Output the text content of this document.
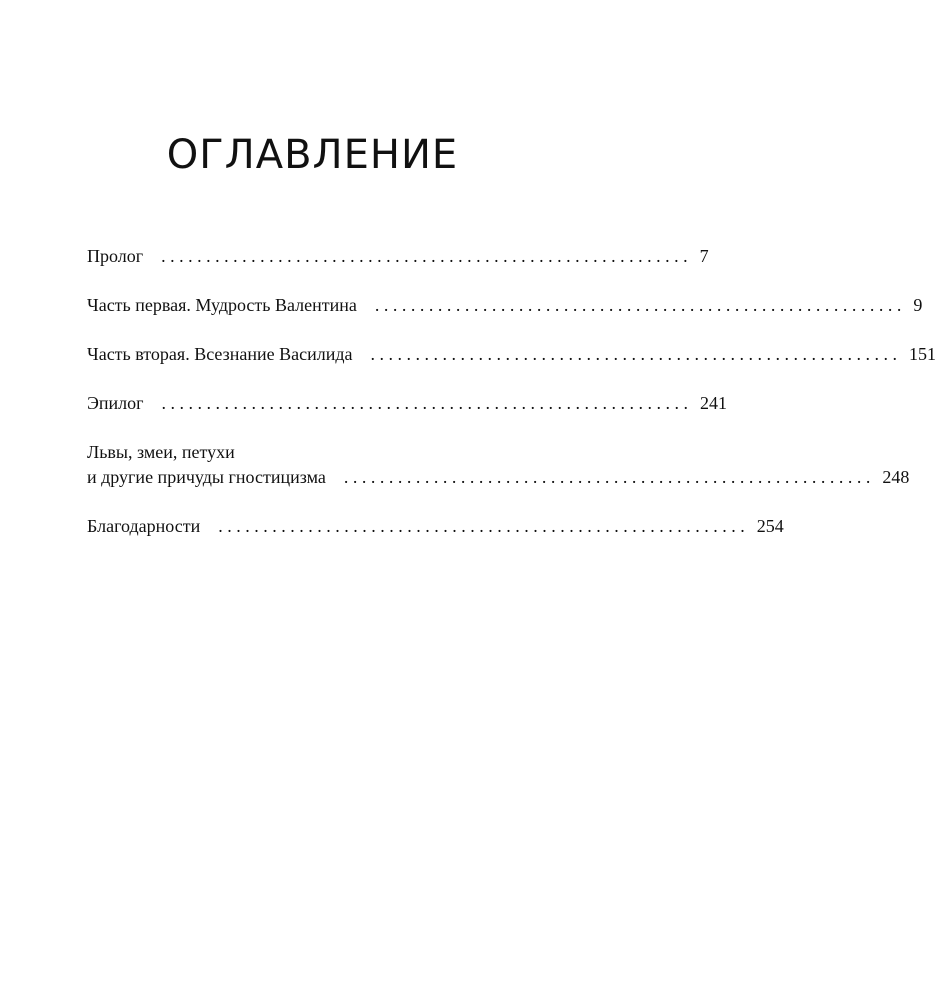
ОГЛАВЛЕНИЕ
Пролог . . . . . . . . . . . . . . . . . . . . . . . . . . . . . . . . . . . . . . . . . . . . . . . . . . . . . . . . . . . 7
Часть первая. Мудрость Валентина . . . . . . . . . . . . . . . . . . . . . . . . . . . . . . . . . . . . . . . . . . . . . . . . . . . . . . . . . . . 9
Часть вторая. Всезнание Василида . . . . . . . . . . . . . . . . . . . . . . . . . . . . . . . . . . . . . . . . . . . . . . . . . . . . . . . . . . . 151
Эпилог . . . . . . . . . . . . . . . . . . . . . . . . . . . . . . . . . . . . . . . . . . . . . . . . . . . . . . . . . . . 241
Львы, змеи, петухи
и другие причуды гностицизма . . . . . . . . . . . . . . . . . . . . . . . . . . . . . . . . . . . . . . . . . . . . . . . . . . . . . . . . . . . 248
Благодарности . . . . . . . . . . . . . . . . . . . . . . . . . . . . . . . . . . . . . . . . . . . . . . . . . . . . . . . . . . . 254
